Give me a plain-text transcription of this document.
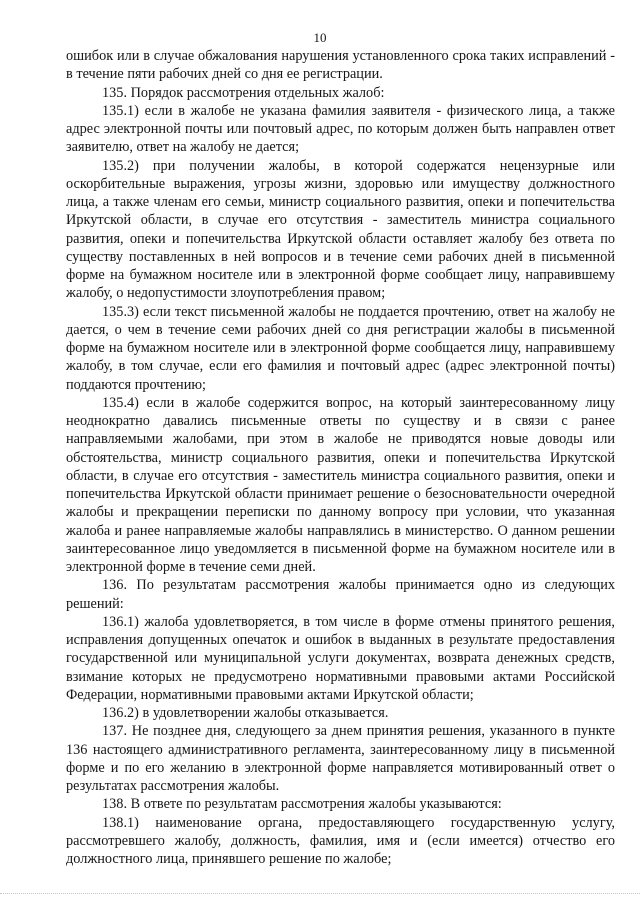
10

ошибок или в случае обжалования нарушения установленного срока таких исправлений - в течение пяти рабочих дней со дня ее регистрации.

135. Порядок рассмотрения отдельных жалоб:

135.1) если в жалобе не указана фамилия заявителя - физического лица, а также адрес электронной почты или почтовый адрес, по которым должен быть направлен ответ заявителю, ответ на жалобу не дается;

135.2) при получении жалобы, в которой содержатся нецензурные или оскорбительные выражения, угрозы жизни, здоровью или имуществу должностного лица, а также членам его семьи, министр социального развития, опеки и попечительства Иркутской области, в случае его отсутствия - заместитель министра социального развития, опеки и попечительства Иркутской области оставляет жалобу без ответа по существу поставленных в ней вопросов и в течение семи рабочих дней в письменной форме на бумажном носителе или в электронной форме сообщает лицу, направившему жалобу, о недопустимости злоупотребления правом;

135.3) если текст письменной жалобы не поддается прочтению, ответ на жалобу не дается, о чем в течение семи рабочих дней со дня регистрации жалобы в письменной форме на бумажном носителе или в электронной форме сообщается лицу, направившему жалобу, в том случае, если его фамилия и почтовый адрес (адрес электронной почты) поддаются прочтению;

135.4) если в жалобе содержится вопрос, на который заинтересованному лицу неоднократно давались письменные ответы по существу и в связи с ранее направляемыми жалобами, при этом в жалобе не приводятся новые доводы или обстоятельства, министр социального развития, опеки и попечительства Иркутской области, в случае его отсутствия - заместитель министра социального развития, опеки и попечительства Иркутской области принимает решение о безосновательности очередной жалобы и прекращении переписки по данному вопросу при условии, что указанная жалоба и ранее направляемые жалобы направлялись в министерство. О данном решении заинтересованное лицо уведомляется в письменной форме на бумажном носителе или в электронной форме в течение семи дней.

136. По результатам рассмотрения жалобы принимается одно из следующих решений:

136.1) жалоба удовлетворяется, в том числе в форме отмены принятого решения, исправления допущенных опечаток и ошибок в выданных в результате предоставления государственной или муниципальной услуги документах, возврата денежных средств, взимание которых не предусмотрено нормативными правовыми актами Российской Федерации, нормативными правовыми актами Иркутской области;

136.2) в удовлетворении жалобы отказывается.

137. Не позднее дня, следующего за днем принятия решения, указанного в пункте 136 настоящего административного регламента, заинтересованному лицу в письменной форме и по его желанию в электронной форме направляется мотивированный ответ о результатах рассмотрения жалобы.

138. В ответе по результатам рассмотрения жалобы указываются:

138.1) наименование органа, предоставляющего государственную услугу, рассмотревшего жалобу, должность, фамилия, имя и (если имеется) отчество его должностного лица, принявшего решение по жалобе;
